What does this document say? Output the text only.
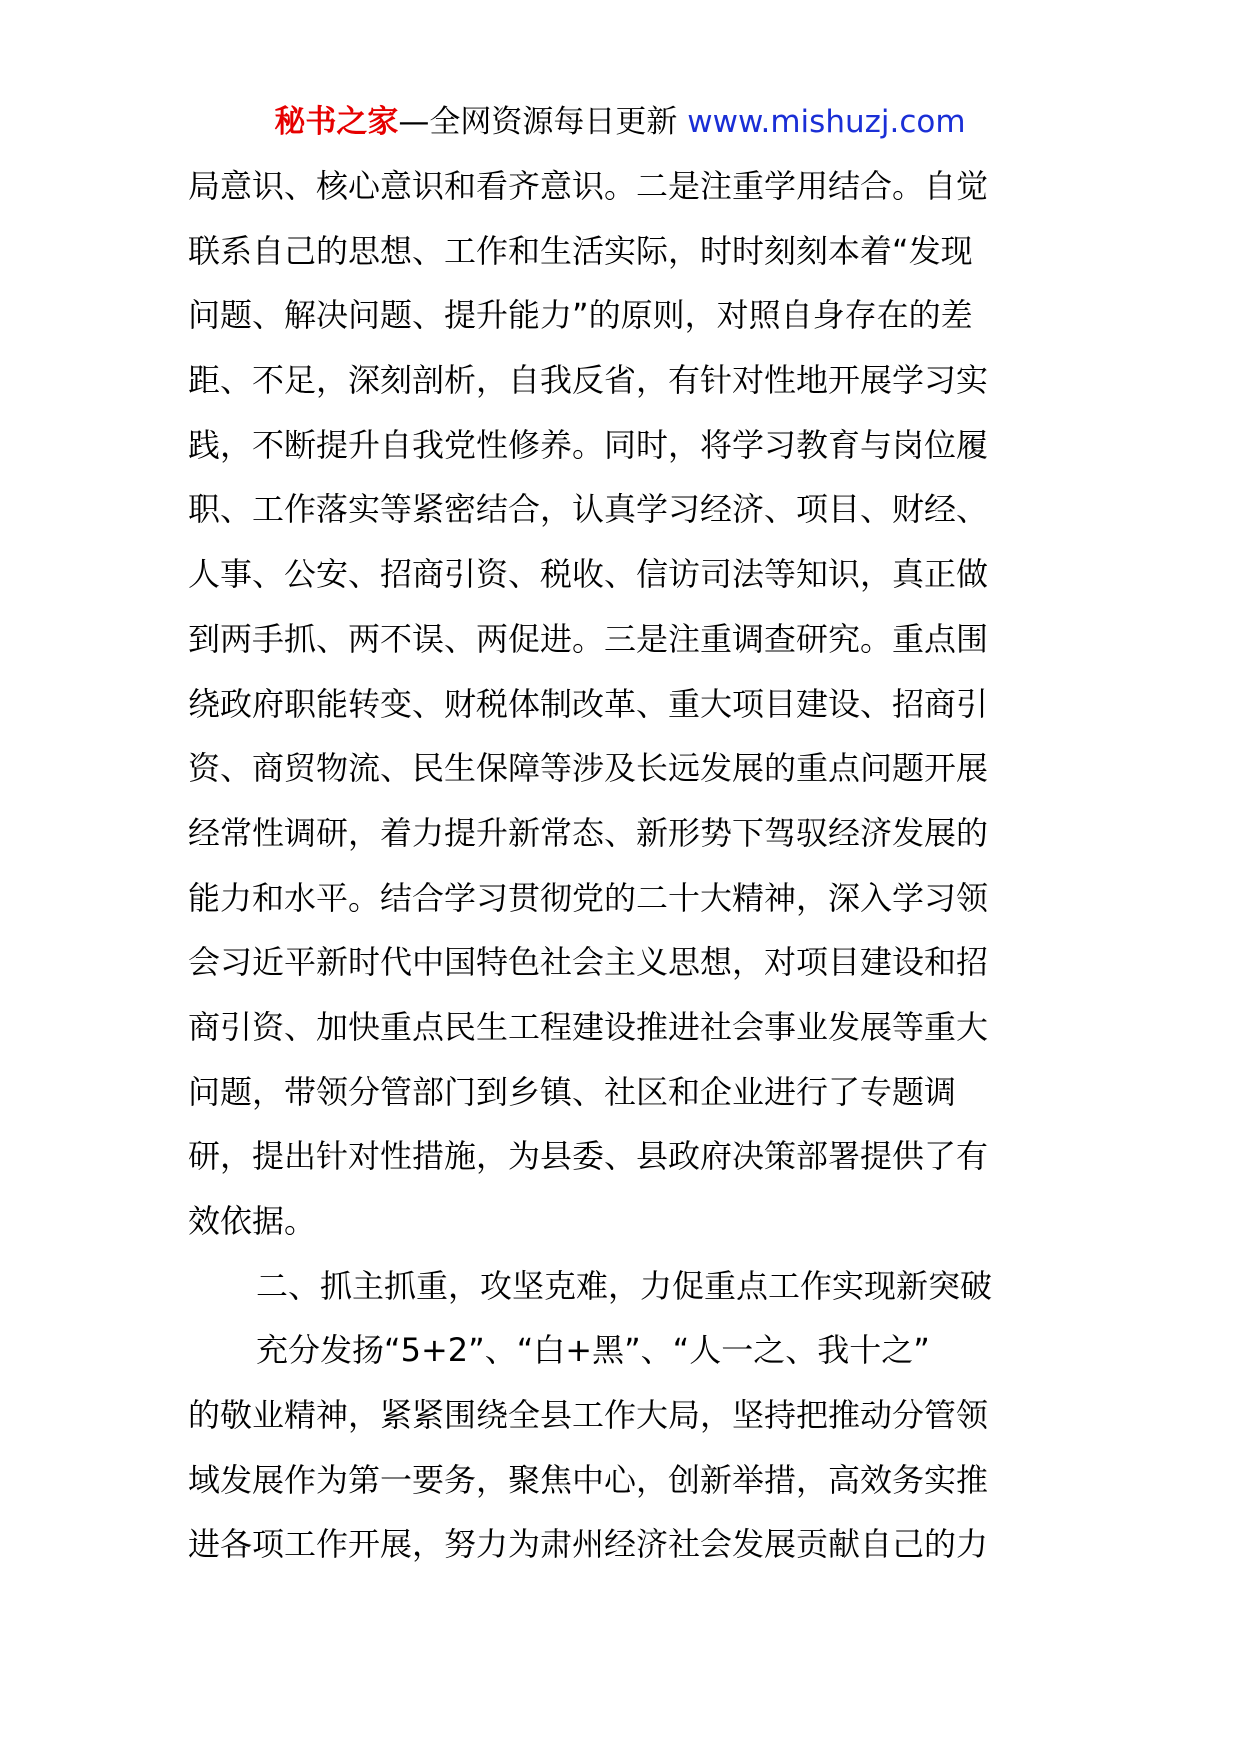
秘书之家—全网资源每日更新 www.mishuzj.com
局意识、核心意识和看齐意识。二是注重学用结合。自觉
联系自己的思想、工作和生活实际，时时刻刻本着“发现
问题、解决问题、提升能力”的原则，对照自身存在的差
距、不足，深刻剖析，自我反省，有针对性地开展学习实
践，不断提升自我党性修养。同时，将学习教育与岗位履
职、工作落实等紧密结合，认真学习经济、项目、财经、
人事、公安、招商引资、税收、信访司法等知识，真正做
到两手抓、两不误、两促进。三是注重调查研究。重点围
绕政府职能转变、财税体制改革、重大项目建设、招商引
资、商贸物流、民生保障等涉及长远发展的重点问题开展
经常性调研，着力提升新常态、新形势下驾驭经济发展的
能力和水平。结合学习贯彻党的二十大精神，深入学习领
会习近平新时代中国特色社会主义思想，对项目建设和招
商引资、加快重点民生工程建设推进社会事业发展等重大
问题，带领分管部门到乡镇、社区和企业进行了专题调
研，提出针对性措施，为县委、县政府决策部署提供了有
效依据。
二、抓主抓重，攻坚克难，力促重点工作实现新突破
充分发扬“5+2”、“白+黑”、“人一之、我十之”
的敬业精神，紧紧围绕全县工作大局，坚持把推动分管领
域发展作为第一要务，聚焦中心，创新举措，高效务实推
进各项工作开展，努力为肃州经济社会发展贡献自己的力
